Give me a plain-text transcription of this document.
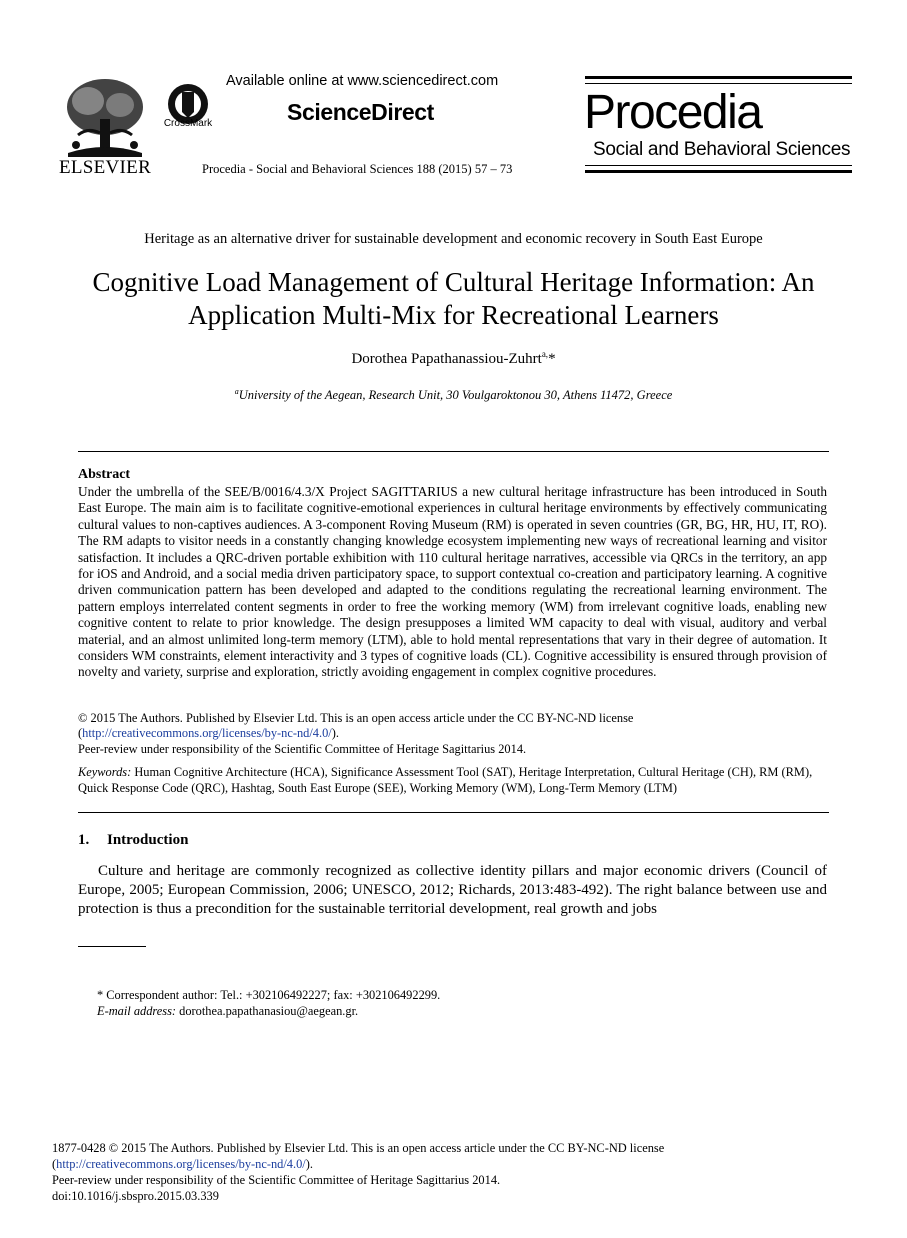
ELSEVIER
CrossMark
Available online at www.sciencedirect.com
ScienceDirect
Procedia - Social and Behavioral Sciences 188 (2015) 57 – 73
Procedia
Social and Behavioral Sciences
Heritage as an alternative driver for sustainable development and economic recovery in South East Europe
Cognitive Load Management of Cultural Heritage Information: An Application Multi-Mix for Recreational Learners
Dorothea Papathanassiou-Zuhrt$^{a,}$*
$^a$University of the Aegean, Research Unit, 30 Voulgaroktonou 30, Athens 11472, Greece
Abstract
Under the umbrella of the SEE/B/0016/4.3/X Project SAGITTARIUS a new cultural heritage infrastructure has been introduced in South East Europe. The main aim is to facilitate cognitive-emotional experiences in cultural heritage environments by effectively communicating cultural values to non-captives audiences. A 3-component Roving Museum (RM) is operated in seven countries (GR, BG, HR, HU, IT, RO). The RM adapts to visitor needs in a constantly changing knowledge ecosystem implementing new ways of recreational learning and visitor satisfaction. It includes a QRC-driven portable exhibition with 110 cultural heritage narratives, accessible via QRCs in the territory, an app for iOS and Android, and a social media driven participatory space, to support contextual co-creation and participatory learning. A cognitive driven communication pattern has been developed and adapted to the conditions regulating the recreational learning environment. The pattern employs interrelated content segments in order to free the working memory (WM) from irrelevant cognitive loads, enabling new cognitive content to relate to prior knowledge. The design presupposes a limited WM capacity to deal with visual, auditory and verbal material, and an almost unlimited long-term memory (LTM), able to hold mental representations that vary in their degree of automation. It considers WM constraints, element interactivity and 3 types of cognitive loads (CL). Cognitive accessibility is ensured through provision of novelty and variety, surprise and exploration, strictly avoiding engagement in complex cognitive procedures.
© 2015 The Authors. Published by Elsevier Ltd. This is an open access article under the CC BY-NC-ND license
(http://creativecommons.org/licenses/by-nc-nd/4.0/).
Peer-review under responsibility of the Scientific Committee of Heritage Sagittarius 2014.
Keywords: Human Cognitive Architecture (HCA), Significance Assessment Tool (SAT), Heritage Interpretation, Cultural Heritage (CH), RM (RM), Quick Response Code (QRC), Hashtag, South East Europe (SEE), Working Memory (WM), Long-Term Memory (LTM)
1. Introduction
Culture and heritage are commonly recognized as collective identity pillars and major economic drivers (Council of Europe, 2005; European Commission, 2006; UNESCO, 2012; Richards, 2013:483-492). The right balance between use and protection is thus a precondition for the sustainable territorial development, real growth and jobs
* Correspondent author: Tel.: +302106492227; fax: +302106492299.
E-mail address: dorothea.papathanasiou@aegean.gr.
1877-0428 © 2015 The Authors. Published by Elsevier Ltd. This is an open access article under the CC BY-NC-ND license
(http://creativecommons.org/licenses/by-nc-nd/4.0/).
Peer-review under responsibility of the Scientific Committee of Heritage Sagittarius 2014.
doi:10.1016/j.sbspro.2015.03.339
